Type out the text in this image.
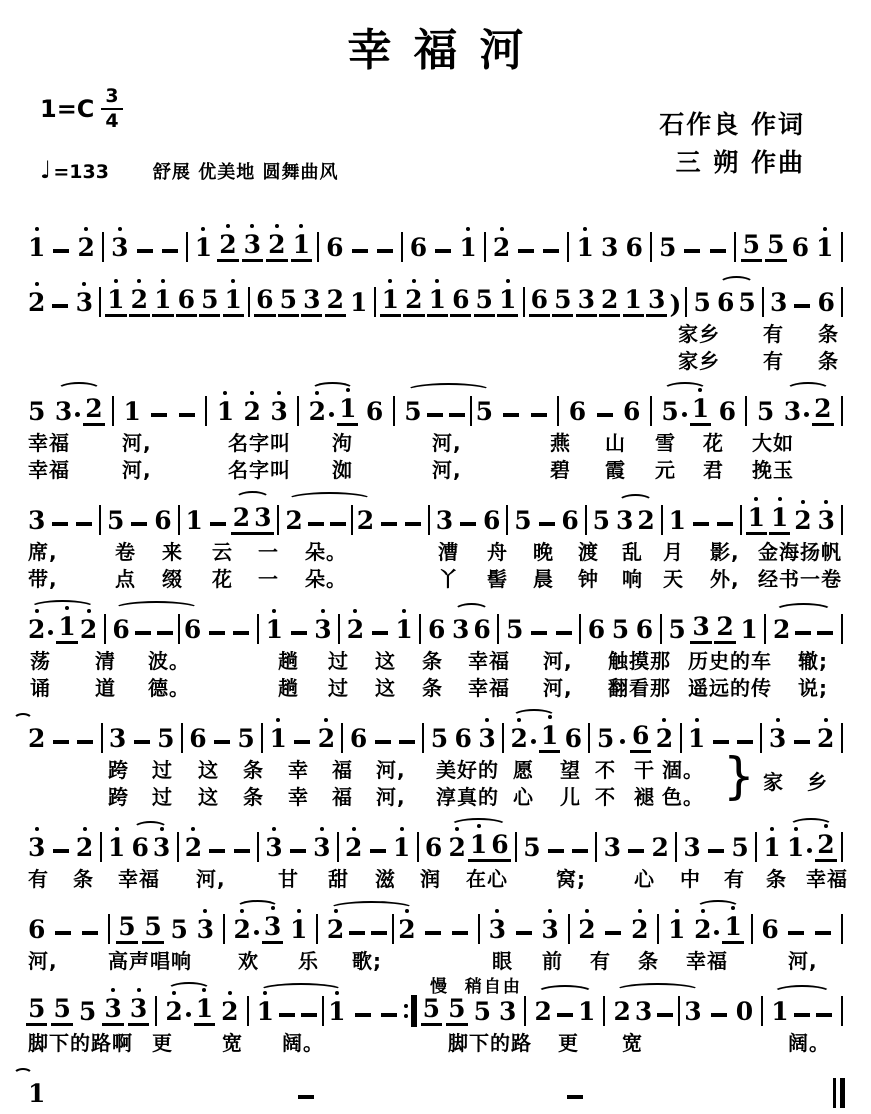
幸福河
$1=C \frac{3}{4}$
♩ =133 舒展 优美地 圆舞曲风
石作良 作词
三 朔 作曲
1 2 3	1 2 3 2 1 6	6 1 2	1 3 6 5	5 5 6 1
2 3 1 2 1 6 5 1 6 5 3 2 1 1 2 1 6 5 1 6 5 3 2 1 3 ) 5 6 5 3 6
家乡 有 条
家乡 有 条
5 3 2 1	1 2 3 2 1 6 5 5	6 6 5 1 6 5 3 2
幸福	河,	名字叫 泃	河,	燕 山 雪 花 大如
幸福	河,	名字叫 洳	河,	碧 霞 元 君 挽玉
3 5 6 1 2 3 2 2 3 6 5 6 5 3 2 1 1 1 2 3
席,	卷 来 云 一 朵。	漕 舟 晚 渡 乱 月 影, 金海扬帆
带,	点 缀 花 一 朵。	丫 髻 晨 钟 响 天 外, 经书一卷
2 1 2 6 6	1 3 2 1 6 3 6 5	6 5 6 5 3 2 1 2
荡 清 波。	趟 过 这 条 幸福 河, 触摸那 历史的车 辙;
诵 道 德。	趟 过 这 条 幸福 河, 翻看那 遥远的传 说;
2	3 5 6 5 1 2 6	5 6 3 2 1 6 5 6 2 1	3 2
跨 过 这 条 幸 福 河, 美好的 愿 望 不 干 涸。 } 家 乡
跨 过 这 条 幸 福 河, 淳真的 心 儿 不 褪 色。
3 2 1 6 3 2	3 3 2 1 6 2 1 6 5	3 2 3 5 1 1 2
有 条 幸福 河,	甘 甜 滋 润 在心 窝; 心 中 有 条 幸福
6	5 5 5 3 2 3 1 2 2	3 3 2 2 1 2 1 6
河,	高声唱响 欢 乐 歌;	眼 前 有 条 幸福	河,
慢  稍自由
5 5 5 3 3 2 1 2 1 1	5 5 5 3 2 1 2 3 3 0 1
脚下的路啊 更 宽 阔。	脚下的路 更 宽	阔。
1
